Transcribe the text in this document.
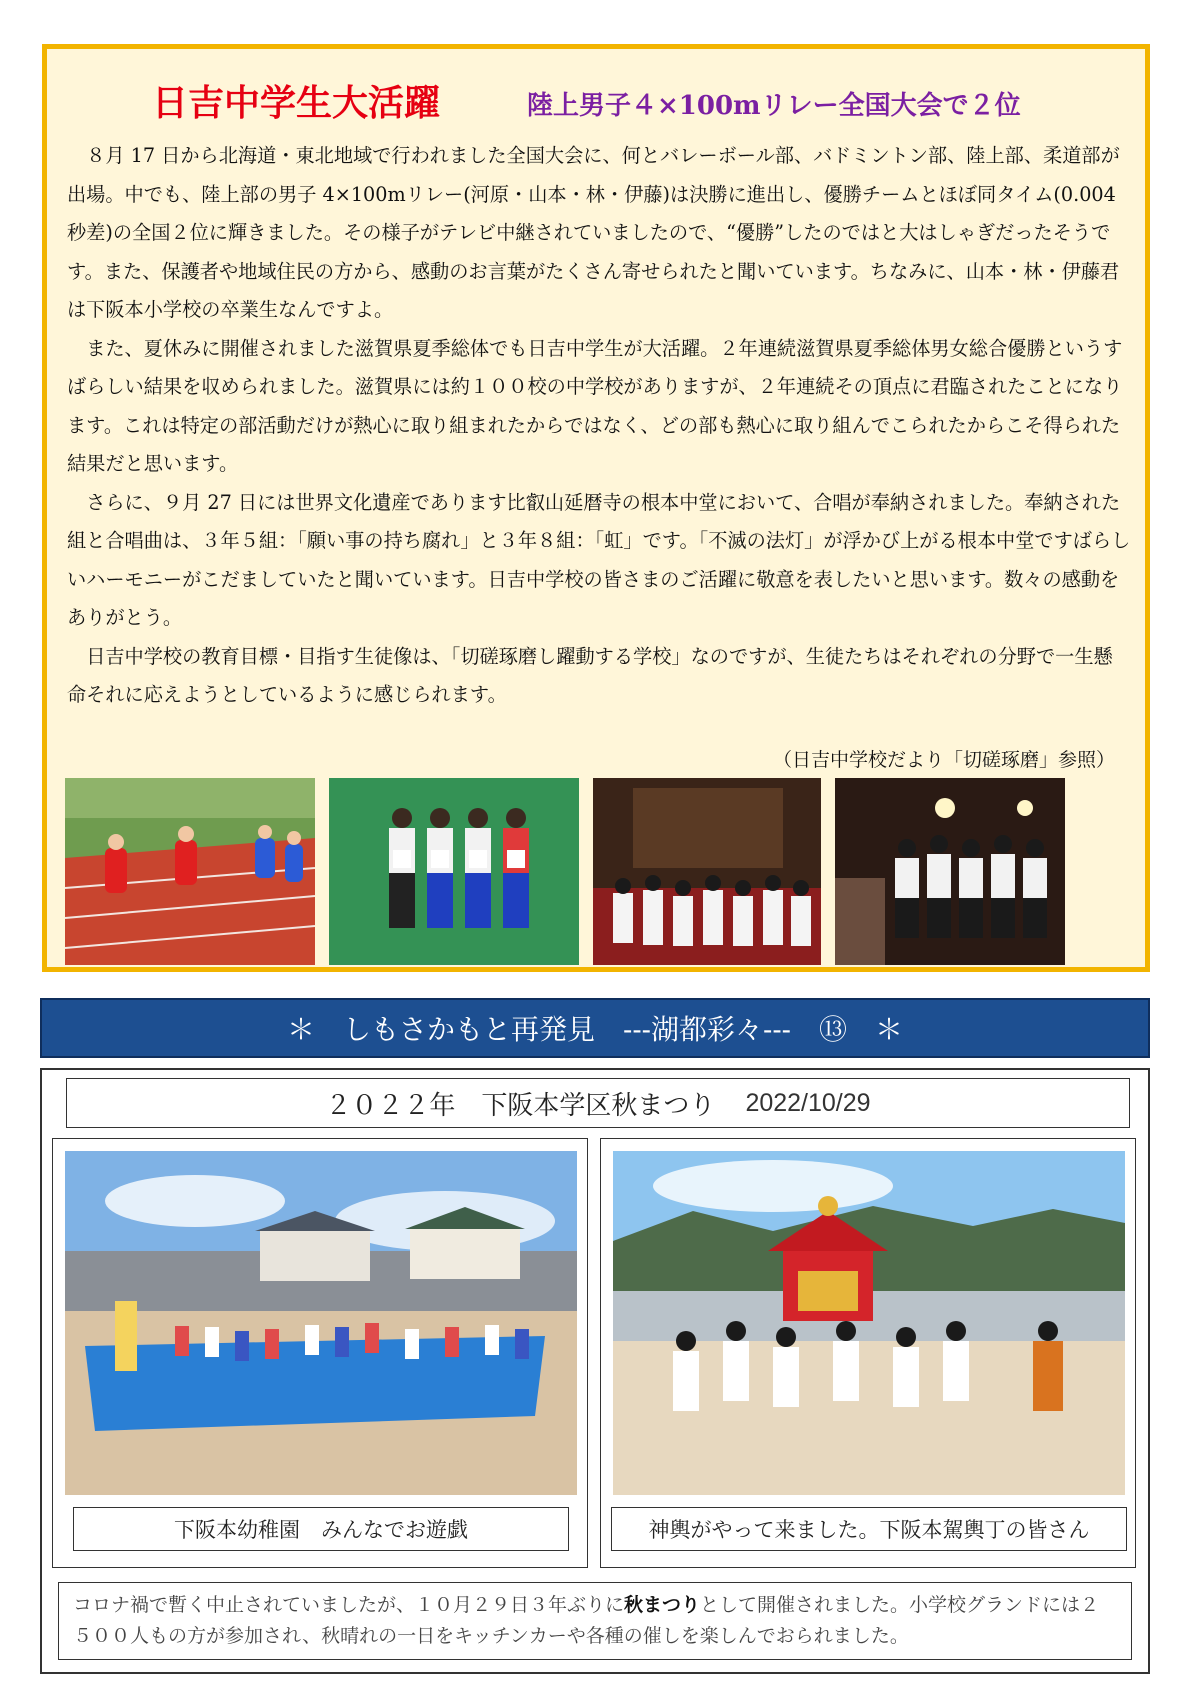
日吉中学生大活躍	陸上男子４×100mリレー全国大会で２位

８月 17 日から北海道・東北地域で行われました全国大会に、何とバレーボール部、バドミントン部、陸上部、柔道部が出場。中でも、陸上部の男子 4×100mリレー(河原・山本・林・伊藤)は決勝に進出し、優勝チームとほぼ同タイム(0.004 秒差)の全国２位に輝きました。その様子がテレビ中継されていましたので、“優勝”したのではと大はしゃぎだったそうです。また、保護者や地域住民の方から、感動のお言葉がたくさん寄せられたと聞いています。ちなみに、山本・林・伊藤君は下阪本小学校の卒業生なんですよ。

また、夏休みに開催されました滋賀県夏季総体でも日吉中学生が大活躍。２年連続滋賀県夏季総体男女総合優勝というすばらしい結果を収められました。滋賀県には約１００校の中学校がありますが、２年連続その頂点に君臨されたことになります。これは特定の部活動だけが熱心に取り組まれたからではなく、どの部も熱心に取り組んでこられたからこそ得られた結果だと思います。

さらに、９月 27 日には世界文化遺産であります比叡山延暦寺の根本中堂において、合唱が奉納されました。奉納された組と合唱曲は、３年５組：「願い事の持ち腐れ」と３年８組：「虹」です。「不滅の法灯」が浮かび上がる根本中堂ですばらしいハーモニーがこだましていたと聞いています。日吉中学校の皆さまのご活躍に敬意を表したいと思います。数々の感動をありがとう。

日吉中学校の教育目標・目指す生徒像は、「切磋琢磨し躍動する学校」なのですが、生徒たちはそれぞれの分野で一生懸命それに応えようとしているように感じられます。

（日吉中学校だより「切磋琢磨」参照）
＊　しもさかもと再発見　---湖都彩々---　⑬　＊
２０２２年　下阪本学区秋まつり 2022/10/29
下阪本幼稚園　みんなでお遊戯	神輿がやって来ました。下阪本駕輿丁の皆さん
コロナ禍で暫く中止されていましたが、１０月２９日３年ぶりに秋まつりとして開催されました。小学校グランドには２５００人もの方が参加され、秋晴れの一日をキッチンカーや各種の催しを楽しんでおられました。
